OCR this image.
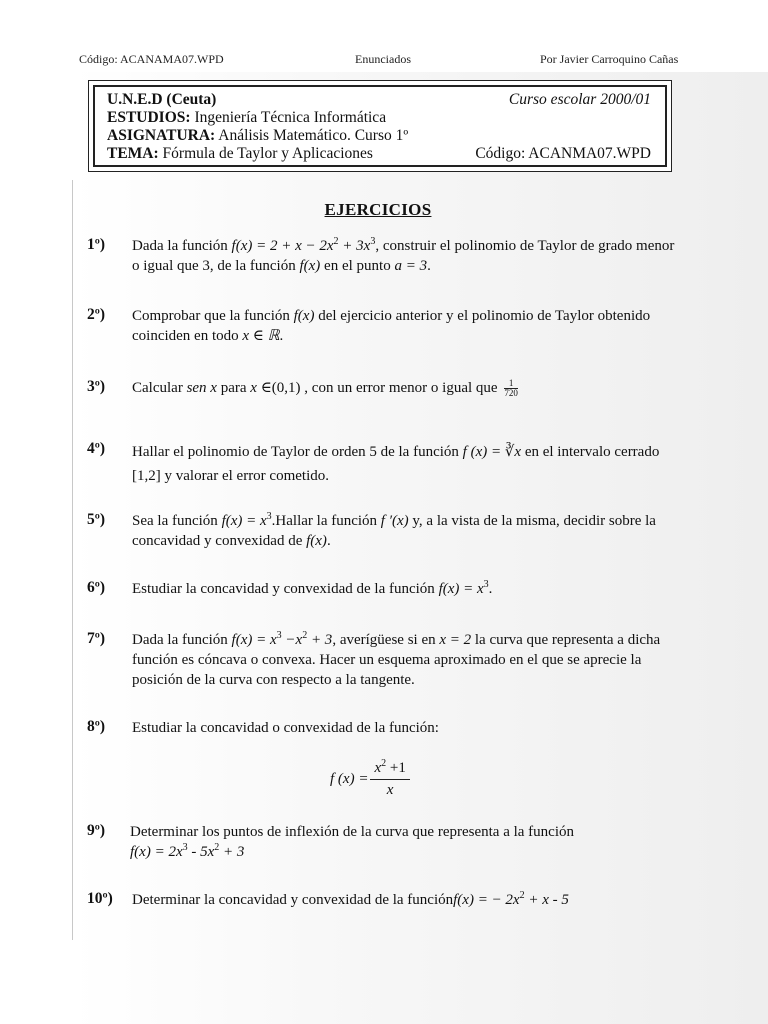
Código: ACANAMA07.WPD	Enunciados	Por Javier Carroquino Cañas
U.N.E.D (Ceuta)	Curso escolar 2000/01
ESTUDIOS: Ingeniería Técnica Informática
ASIGNATURA: Análisis Matemático. Curso 1º
TEMA: Fórmula de Taylor y Aplicaciones	Código: ACANMA07.WPD
EJERCICIOS
1º) Dada la función $f(x) = 2 + x - 2x^2 + 3x^3$, construir el polinomio de Taylor de grado menor o igual que 3, de la función f(x) en el punto a = 3.
2º) Comprobar que la función f(x) del ejercicio anterior y el polinomio de Taylor obtenido coinciden en todo x ∈ ℝ.
3º) Calcular sen x para x ∈(0,1) , con un error menor o igual que $\frac{1}{720}$
4º) Hallar el polinomio de Taylor de orden 5 de la función f (x) = ∛x en el intervalo cerrado [1,2] y valorar el error cometido.
5º) Sea la función $f(x) = x^3.Hallar$ la función f ′(x) y, a la vista de la misma, decidir sobre la concavidad y convexidad de f(x).
6º) Estudiar la concavidad y convexidad de la función $f(x) = x^3$.
7º) Dada la función $f(x) = x^3 -x^2 + 3$, averígüese si en x = 2 la curva que representa a dicha función es cóncava o convexa. Hacer un esquema aproximado en el que se aprecie la posición de la curva con respecto a la tangente.
8º) Estudiar la concavidad o convexidad de la función:
f $(x) = \frac{x^2 +1}{x}$
9º) Determinar los puntos de inflexión de la curva que representa a la función
$f(x) = 2x^3 - 5x^2 + 3$
10º) Determinar la concavidad y convexidad de la funciónf(x) = − $2x^2 + x - 5$
